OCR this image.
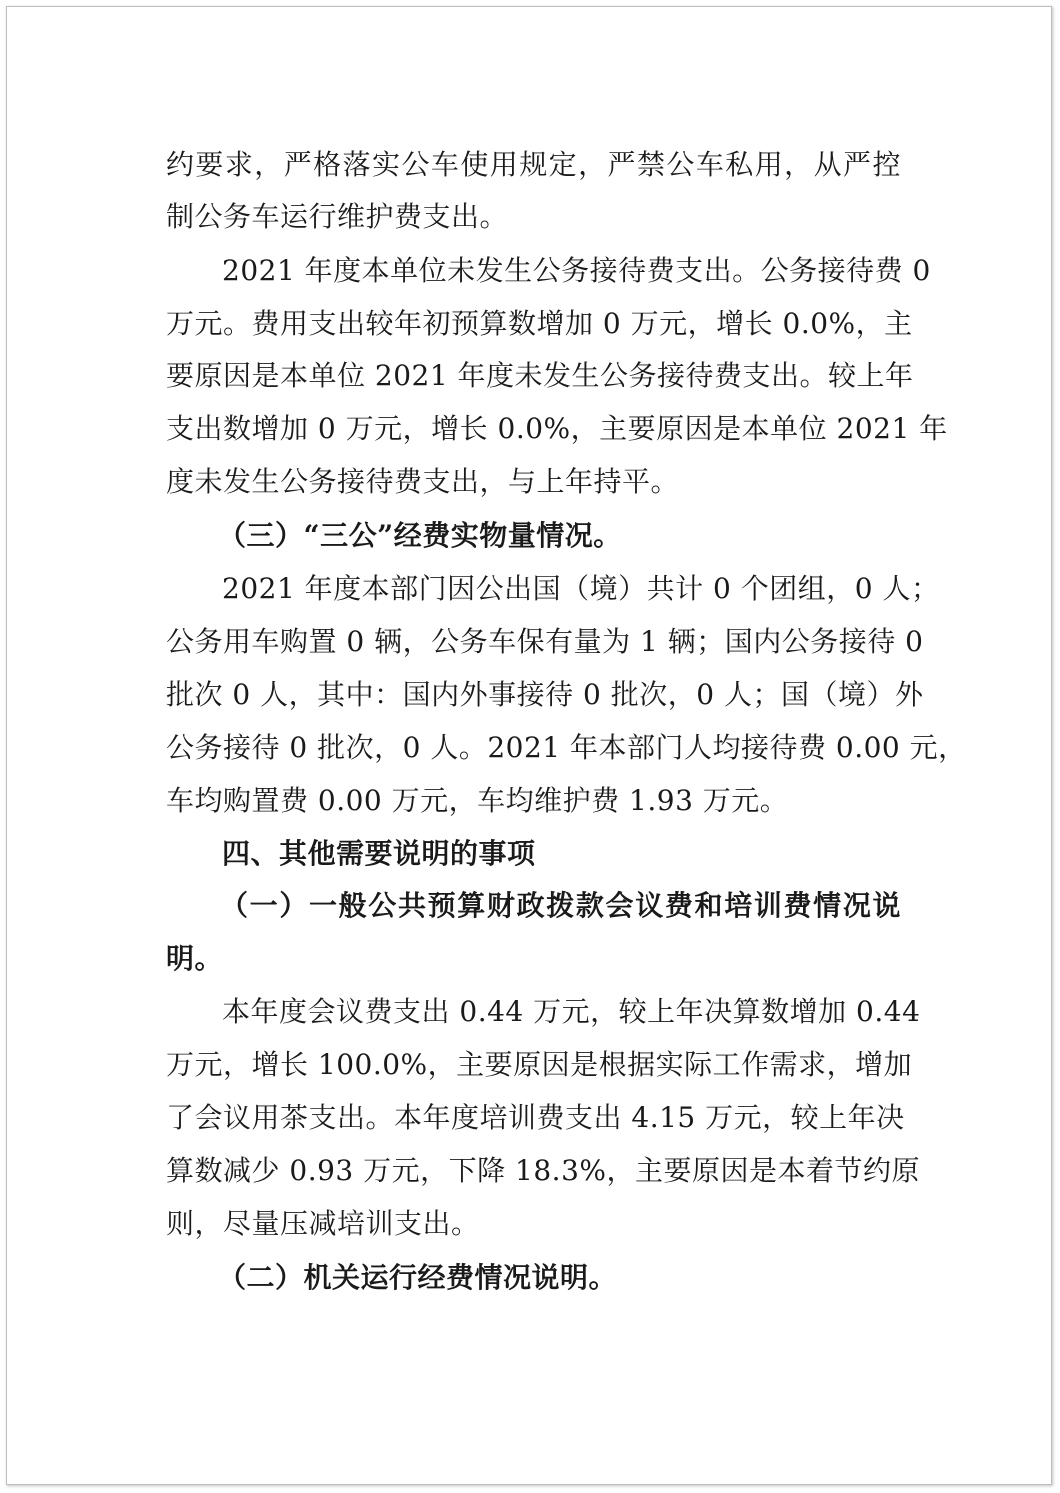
约要求，严格落实公车使用规定，严禁公车私用，从严控
制公务车运行维护费支出。
2021 年度本单位未发生公务接待费支出。公务接待费 0
万元。费用支出较年初预算数增加 0 万元，增长 0.0%，主
要原因是本单位 2021 年度未发生公务接待费支出。较上年
支出数增加 0 万元，增长 0.0%，主要原因是本单位 2021 年
度未发生公务接待费支出，与上年持平。
（三）“三公”经费实物量情况。
2021 年度本部门因公出国（境）共计 0 个团组，0 人；
公务用车购置 0 辆，公务车保有量为 1 辆；国内公务接待 0
批次 0 人，其中：国内外事接待 0 批次，0 人；国（境）外
公务接待 0 批次，0 人。2021 年本部门人均接待费 0.00 元，
车均购置费 0.00 万元，车均维护费 1.93 万元。
四、其他需要说明的事项
（一）一般公共预算财政拨款会议费和培训费情况说
明。
本年度会议费支出 0.44 万元，较上年决算数增加 0.44
万元，增长 100.0%，主要原因是根据实际工作需求，增加
了会议用茶支出。本年度培训费支出 4.15 万元，较上年决
算数减少 0.93 万元，下降 18.3%，主要原因是本着节约原
则，尽量压减培训支出。
（二）机关运行经费情况说明。
